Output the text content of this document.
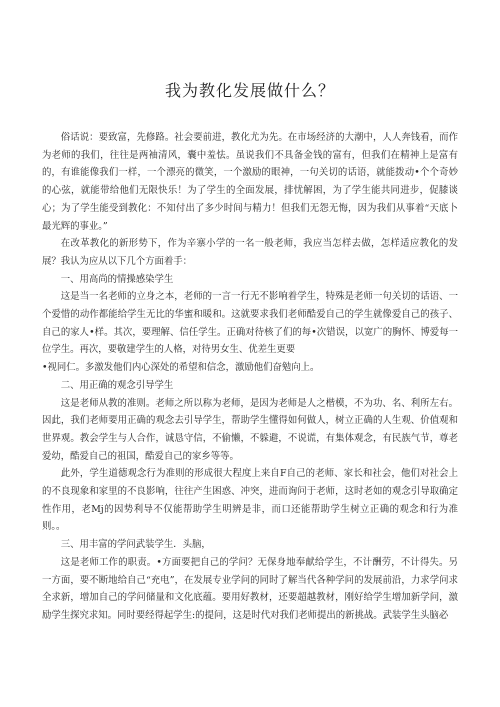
我为教化发展做什么？

俗话说：要致富，先修路。社会要前进，教化尤为先。在市场经济的大潮中，人人奔钱看，而作为老师的我们，往往是两袖清风，囊中羞怯。虽说我们不具备金钱的富有，但我们在精神上是富有的，有谁能像我们一样，一个漂亮的微笑，一个激励的眼神，一句关切的话语，就能拨动•个个奇妙的心弦，就能带给他们无限快乐！为了学生的全面发展，排忧解困，为了学生能共同进步，促膝谈心；为了学生能受到教化：不知付出了多少时间与精力！但我们无怨无悔，因为我们从事着“天底卜最光辉的事业。”

在改革教化的新形势下，作为辛寨小学的一名一般老师，我应当怎样去做，怎样适应教化的发展？我认为应从以下几个方面着手：

一、用高尚的情操感染学生

这是当一名老师的立身之本，老师的一言一行无不影响着学生，特殊是老师一句关切的话语、一个爱惜的动作都能给学生无比的华蜜和暖和。这就要求我们老师酷爱自己的学生就像爱自己的孩子、自己的家人•样。其次，要理解、信任学生。正确对待核了们的每•次错误，以宽广的胸怀、博爱每一位学生。再次，要敬建学生的人格，对待男女生、优差生更要

•视同仁。多激发他们内心深处的希望和信念，激励他们奋勉向上。

二、用正确的观念引导学生

这是老师从教的准则。老师之所以称为老师，是因为老师是人之楷模，不为功、名、利所左右。因此，我们老师要用正确的观念去引导学生，帮助学生懂得如何做人，树立正确的人生观、价值观和世界观。教会学生与人合作，诚恳守信，不偷懒，不躲避，不说谎，有集体观念，有民族气节，尊老爱幼，酷爱自己的祖国，酷爱自己的家乡等等。

此外，学生道德观念行为准则的形成很大程度上来自F自己的老师、家长和社会，他们对社会上的不良现象和家里的不良影响，往往产生困惑、冲突，进而询问于老师，这时老如的观念引导取确定性作用，老Mj的因势利导不仅能帮助学生明辨是非，而口还能帮助学生树立正确的观念和行为准则。。

三、用丰富的学问武装学生．头脑，

这是老师工作的职责。•方面要把自己的学问？无保身地奉献给学生，不计酬劳，不计得失。另一方面，要不断地给自己“充电”，在发展专业学问的同时了解当代各种学问的发展前沿，力求学问求全求新，增加自己的学问储量和文化底蕴。要用好教材，还要超越教材，刚好给学生增加新学问，激励学生探究求知。同时要经得起学生:的提问，这是时代对我们老师提出的新挑战。武装学生头脑必
